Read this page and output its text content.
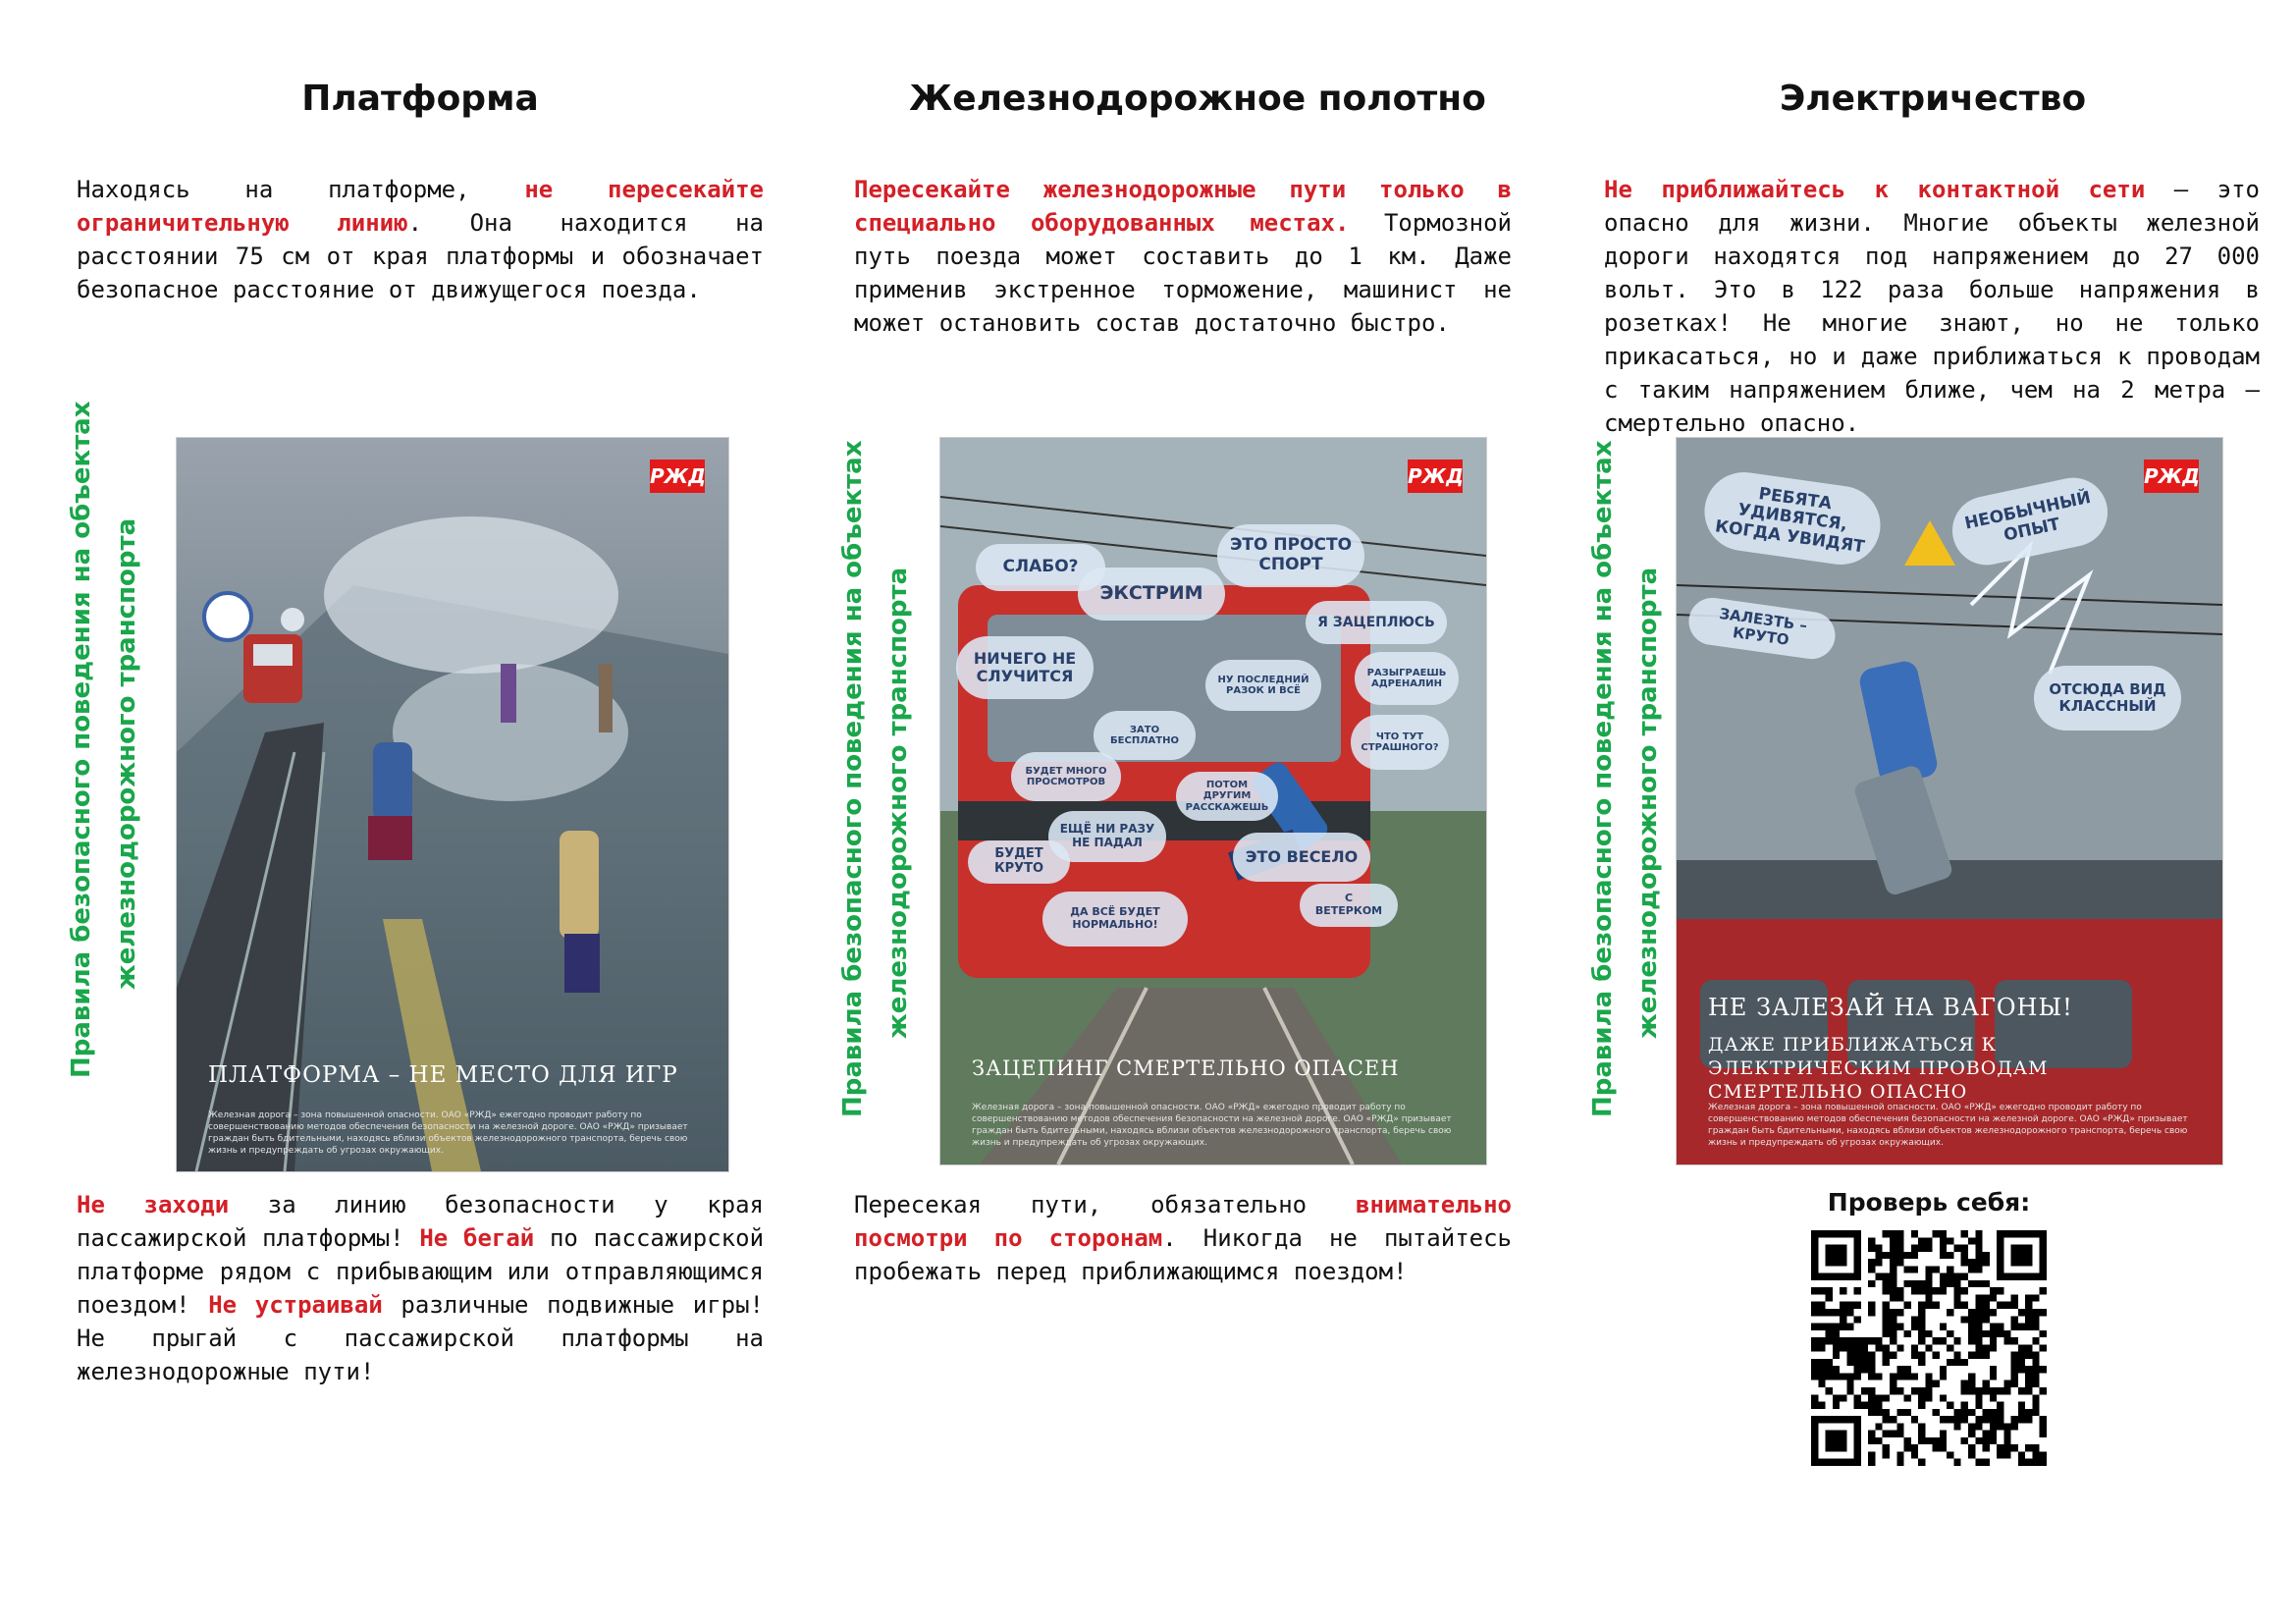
Платформа

Находясь на платформе, не пересекайте ограничительную линию. Она находится на расстоянии 75 см от края платформы и обозначает безопасное расстояние от движущегося поезда.

Правила безопасного поведения на объектах железнодорожного транспорта
РЖД
ПЛАТФОРМА – НЕ МЕСТО ДЛЯ ИГР
Железная дорога – зона повышенной опасности. ОАО «РЖД» ежегодно проводит работу по совершенствованию методов обеспечения безопасности на железной дороге. ОАО «РЖД» призывает граждан быть бдительными, находясь вблизи объектов железнодорожного транспорта, беречь свою жизнь и предупреждать об угрозах окружающих.

Не заходи за линию безопасности у края пассажирской платформы! Не бегай по пассажирской платформе рядом с прибывающим или отправляющимся поездом! Не устраивай различные подвижные игры! Не прыгай с пассажирской платформы на железнодорожные пути!

Железнодорожное полотно

Пересекайте железнодорожные пути только в специально оборудованных местах. Тормозной путь поезда может составить до 1 км. Даже применив экстренное торможение, машинист не может остановить состав достаточно быстро.

Правила безопасного поведения на объектах железнодорожного транспорта
РЖД
СЛАБО?
ЭТО ПРОСТО СПОРТ
ЭКСТРИМ
Я ЗАЦЕПЛЮСЬ
НИЧЕГО НЕ СЛУЧИТСЯ	НУ ПОСЛЕДНИЙ РАЗОК И ВСЁ
РАЗЫГРАЕШЬ АДРЕНАЛИН
ЗАТО БЕСПЛАТНО	ЧТО ТУТ СТРАШНОГО?
БУДЕТ МНОГО ПРОСМОТРОВ	ПОТОМ ДРУГИМ РАССКАЖЕШЬ
ЕЩЁ НИ РАЗУ НЕ ПАДАЛ
БУДЕТ КРУТО
ЭТО ВЕСЕЛО
ДА ВСЁ БУДЕТ НОРМАЛЬНО!
С ВЕТЕРКОМ
ЗАЦЕПИНГ СМЕРТЕЛЬНО ОПАСЕН
Железная дорога – зона повышенной опасности. ОАО «РЖД» ежегодно проводит работу по совершенствованию методов обеспечения безопасности на железной дороге. ОАО «РЖД» призывает граждан быть бдительными, находясь вблизи объектов железнодорожного транспорта, беречь свою жизнь и предупреждать об угрозах окружающих.

Пересекая пути, обязательно внимательно посмотри по сторонам. Никогда не пытайтесь пробежать перед приближающимся поездом!

Электричество

Не приближайтесь к контактной сети – это опасно для жизни. Многие объекты железной дороги находятся под напряжением до 27 000 вольт. Это в 122 раза больше напряжения в розетках! Не многие знают, но не только прикасаться, но и даже приближаться к проводам с таким напряжением ближе, чем на 2 метра – смертельно опасно.

Правила безопасного поведения на объектах железнодорожного транспорта
РЖД
РЕБЯТА УДИВЯТСЯ, КОГДА УВИДЯТ
НЕОБЫЧНЫЙ ОПЫТ
ЗАЛЕЗТЬ – КРУТО
ОТСЮДА ВИД КЛАССНЫЙ
НЕ ЗАЛЕЗАЙ НА ВАГОНЫ!
ДАЖЕ ПРИБЛИЖАТЬСЯ К ЭЛЕКТРИЧЕСКИМ ПРОВОДАМ СМЕРТЕЛЬНО ОПАСНО
Железная дорога – зона повышенной опасности. ОАО «РЖД» ежегодно проводит работу по совершенствованию методов обеспечения безопасности на железной дороге. ОАО «РЖД» призывает граждан быть бдительными, находясь вблизи объектов железнодорожного транспорта, беречь свою жизнь и предупреждать об угрозах окружающих.
Проверь себя:
